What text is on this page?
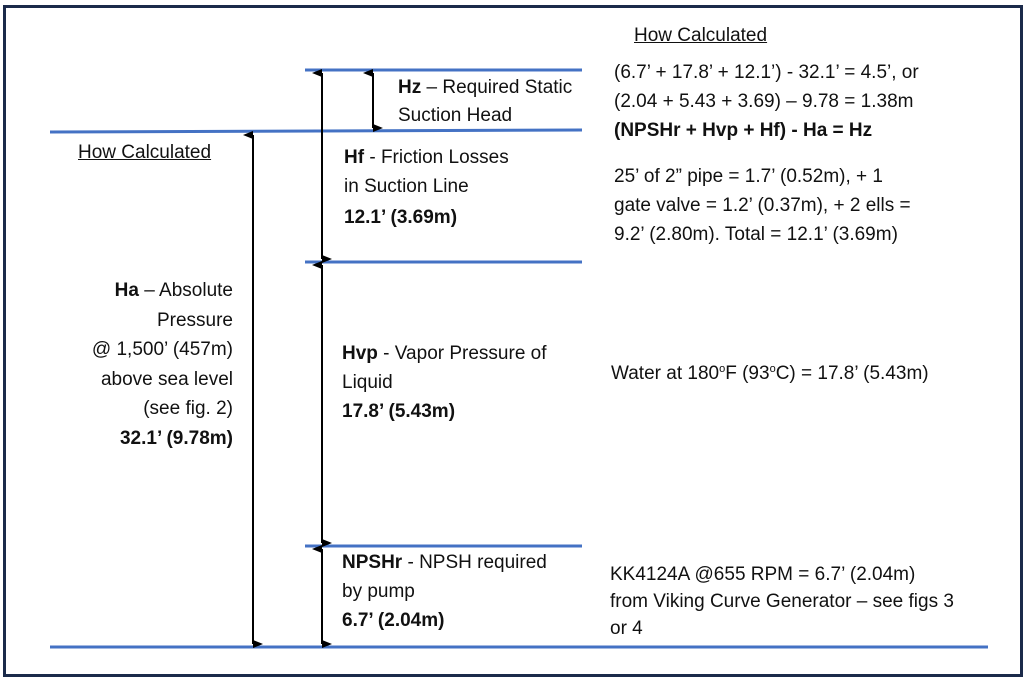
How Calculated
Hz – Required Static
Suction Head
(6.7’ + 17.8’ + 12.1’) - 32.1’ = 4.5’, or
(2.04 + 5.43 + 3.69) – 9.78 = 1.38m
(NPSHr + Hvp + Hf) - Ha = Hz
How Calculated	Hf - Friction Losses
in Suction Line
12.1’ (3.69m)
25’ of 2” pipe = 1.7’ (0.52m), + 1
gate valve = 1.2’ (0.37m), + 2 ells =
9.2’ (2.80m). Total = 12.1’ (3.69m)
Ha – Absolute
Pressure
@ 1,500’ (457m)
above sea level
(see fig. 2)
32.1’ (9.78m)
Hvp - Vapor Pressure of
Liquid
17.8’ (5.43m)
Water at 180$^o$F $(93^oC) = 17.8$’ (5.43m)
NPSHr - NPSH required
by pump
6.7’ (2.04m)
KK4124A @655 RPM = 6.7’ (2.04m)
from Viking Curve Generator – see figs 3
or 4
